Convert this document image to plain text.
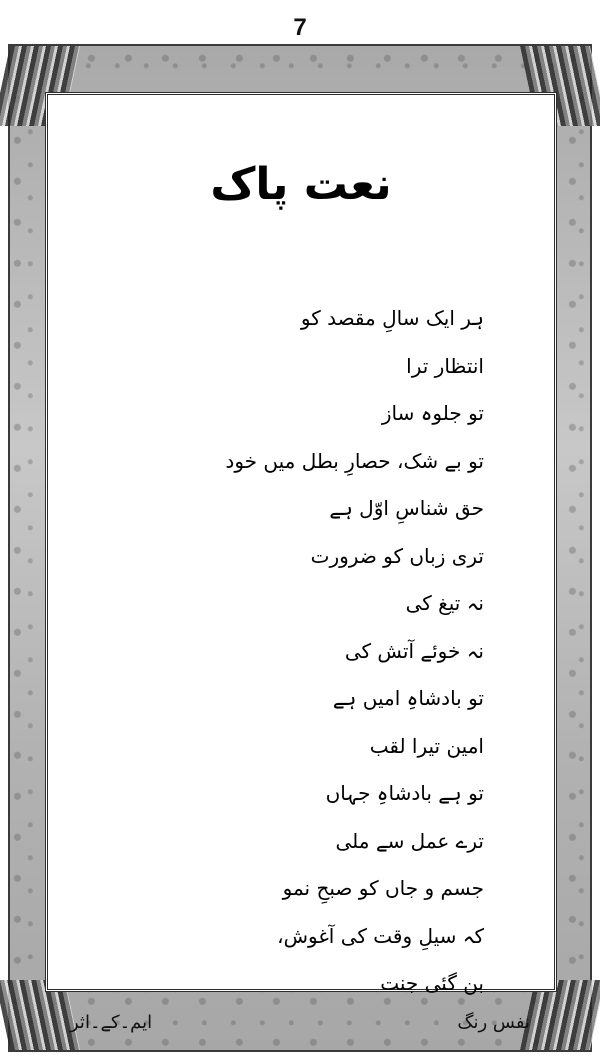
7
نعت پاک
ہر ایک سالِ مقصد کو
انتظار ترا
تو جلوہ ساز
تو بے شک، حصارِ بطل میں خود
حق شناسِ اوّل ہے
تری زباں کو ضرورت
نہ تیغ کی
نہ خوئے آتش کی
تو بادشاہِ امیں ہے
امین تیرا لقب
تو ہے بادشاہِ جہاں
ترے عمل سے ملی
جسم و جاں کو صبحِ نمو
کہ سیلِ وقت کی آغوش،
بن گئی جنت
ایم۔کے۔اثر	نفس رنگ
